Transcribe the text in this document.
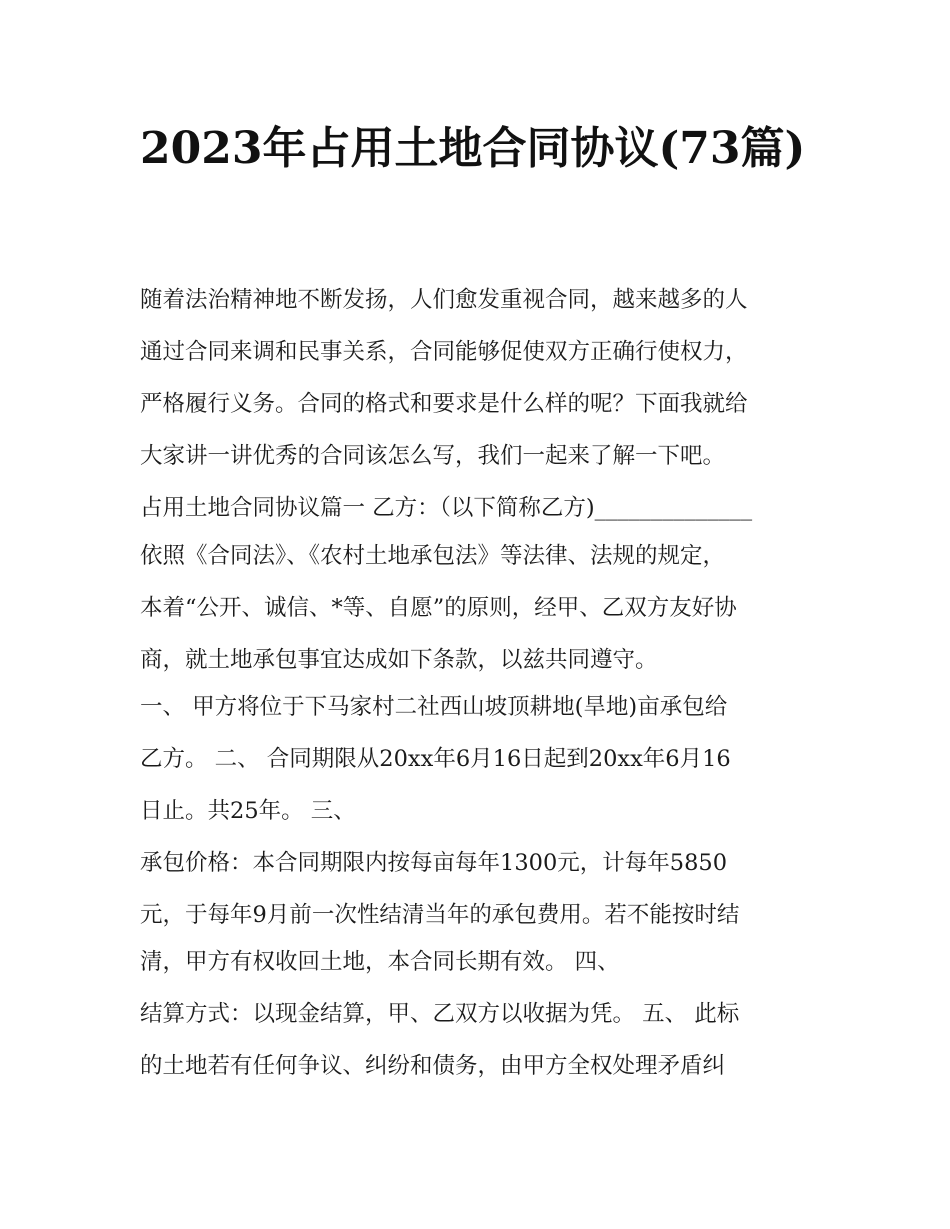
2023年占用土地合同协议(73篇)
随着法治精神地不断发扬，人们愈发重视合同，越来越多的人
通过合同来调和民事关系，合同能够促使双方正确行使权力，
严格履行义务。合同的格式和要求是什么样的呢？下面我就给
大家讲一讲优秀的合同该怎么写，我们一起来了解一下吧。
占用土地合同协议篇一 乙方：（以下简称乙方)______________
依照《合同法》、《农村土地承包法》等法律、法规的规定，
本着“公开、诚信、*等、自愿”的原则，经甲、乙双方友好协
商，就土地承包事宜达成如下条款，以兹共同遵守。
一、 甲方将位于下马家村二社西山坡顶耕地(旱地)亩承包给
乙方。 二、 合同期限从20xx年6月16日起到20xx年6月16
日止。共25年。 三、
承包价格：本合同期限内按每亩每年1300元，计每年5850
元，于每年9月前一次性结清当年的承包费用。若不能按时结
清，甲方有权收回土地，本合同长期有效。 四、
结算方式：以现金结算，甲、乙双方以收据为凭。 五、 此标
的土地若有任何争议、纠纷和债务，由甲方全权处理矛盾纠
